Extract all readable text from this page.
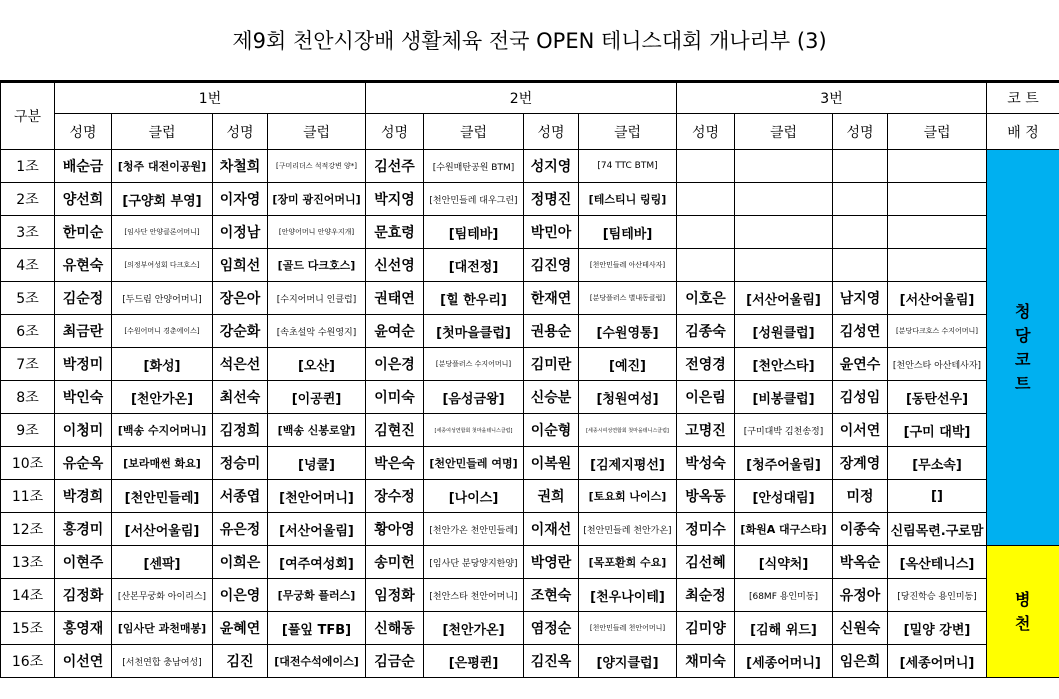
제9회 천안시장배 생활체육 전국 OPEN 테니스대회 개나리부 (3)
구분	1번				2번				3번				코 트
	성명	클럽	성명	클럽	성명	클럽	성명	클럽	성명	클럽	성명	클럽	배 정
1조	배순금	[청주 대전이공원]	차철희	[구미리더스 석적강변 양*]	김선주	[수원매탄공원 BTM]	성지영	[74 TTC BTM]					청당코트

2조	양선희	[구양회 부영]	이자영	[장미 광진어머니]	박지영	[천안민들레 대우그린]	정명진	[테스티니 링링]					
3조	한미순	[임사단 안양클론어머니]	이정남	[안양어머니 안양우지개]	문효령	[팀테바]	박민아	[팀테바]					
4조	유현숙	[의정부여성회 다크호스]	임희선	[골드 다크호스]	신선영	[대전정]	김진영	[천안민들레 아산테사자]					
5조	김순정	[두드림 안양어머니]	장은아	[수지어머니 인클럽]	권태연	[힐 한우리]	한재연	[분당플러스 별내동클럽]	이호은	[서산어울림]	남지영	[서산어울림]	
6조	최금란	[수원어머니 경춘에이스]	강순화	[속초설악 수원영지]	윤여순	[첫마을클럽]	권용순	[수원영통]	김종숙	[성원클럽]	김성연	[분당다크호스 수지어머니]	
7조	박정미	[화성]	석은선	[오산]	이은경	[분당플러스 수지어머니]	김미란	[예진]	전영경	[천안스타]	윤연수	[천안스타 아산테사자]	
8조	박인숙	[천안가온]	최선숙	[이공퀸]	이미숙	[음성금왕]	신승분	[청원여성]	이은림	[비봉클럽]	김성임	[동탄선우]	
9조	이청미	[백송 수지어머니]	김정희	[백송 신봉로얄]	김현진	[세종여성연합회 첫마을테니스클럽]	이순형	[세종시여성연합회 첫마을테니스클럽]	고명진	[구미대박 김천송정]	이서연	[구미 대박]	
10조	유순옥	[보라매썬 화요]	정승미	[넝쿨]	박은숙	[천안민들레 여명]	이복원	[김제지평선]	박성숙	[청주어울림]	장계영	[무소속]	
11조	박경희	[천안민들레]	서종엽	[천안어머니]	장수정	[나이스]	권희	[토요회 나이스]	방옥동	[안성대림]	미정	[]	
12조	홍경미	[서산어울림]	유은정	[서산어울림]	황아영	[천안가온 천안민들레]	이재선	[천안민들레 천안가온]	정미수	[화원A 대구스타]	이종숙	신림목련.구로맘	
13조	이현주	[센팍]	이희은	[여주여성회]	송미헌	[임사단 분당양지한양]	박영란	[목포환희 수요]	김선혜	[식약처]	박옥순	[옥산테니스]	병천

14조	김정화	[산본무궁화 아이리스]	이은영	[무궁화 플러스]	임정화	[천안스타 천안어머니]	조현숙	[천우나이테]	최순정	[68MF 용인미동]	유정아	[당진학승 용인미동]	
15조	홍영재	[임사단 과천매봉]	윤혜연	[풀잎 TFB]	신해동	[천안가온]	염정순	[천안민들레 천안어머니]	김미양	[김해 위드]	신원숙	[밀양 강변]	
16조	이선연	[서천연합 충남여성]	김진	[대전수석에이스]	김금순	[은평퀸]	김진옥	[양지클럽]	채미숙	[세종어머니]	임은희	[세종어머니]	
